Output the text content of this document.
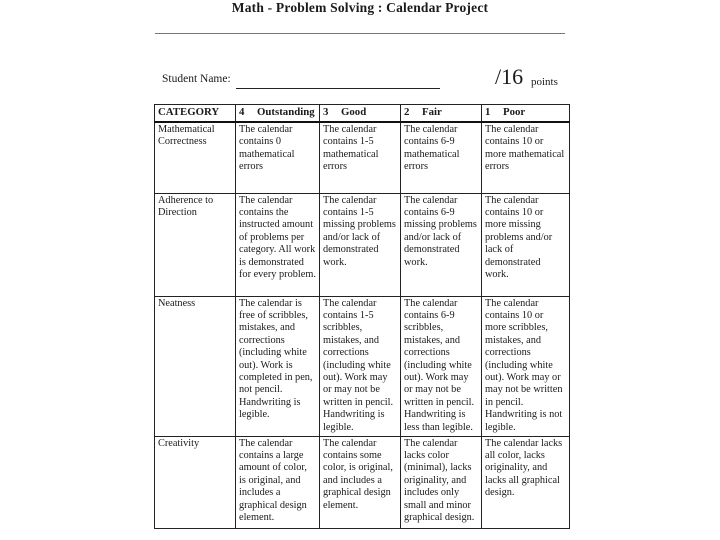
Math - Problem Solving : Calendar Project
Student Name:	/16 points
CATEGORY	4 Outstanding	3 Good	2 Fair	1 Poor
Mathematical Correctness	The calendar contains 0 mathematical errors	The calendar contains 1-5 mathematical errors	The calendar contains 6-9 mathematical errors	The calendar contains 10 or more mathematical errors
Adherence to Direction	The calendar contains the instructed amount of problems per category. All work is demonstrated for every problem.	The calendar contains 1-5 missing problems and/or lack of demonstrated work.	The calendar contains 6-9 missing problems and/or lack of demonstrated work.	The calendar contains 10 or more missing problems and/or lack of demonstrated work.
Neatness	The calendar is free of scribbles, mistakes, and corrections (including white out). Work is completed in pen, not pencil. Handwriting is legible.	The calendar contains 1-5 scribbles, mistakes, and corrections (including white out). Work may or may not be written in pencil. Handwriting is legible.	The calendar contains 6-9 scribbles, mistakes, and corrections (including white out). Work may or may not be written in pencil. Handwriting is less than legible.	The calendar contains 10 or more scribbles, mistakes, and corrections (including white out). Work may or may not be written in pencil. Handwriting is not legible.
Creativity	The calendar contains a large amount of color, is original, and includes a graphical design element.	The calendar contains some color, is original, and includes a graphical design element.	The calendar lacks color (minimal), lacks originality, and includes only small and minor graphical design.	The calendar lacks all color, lacks originality, and lacks all graphical design.
